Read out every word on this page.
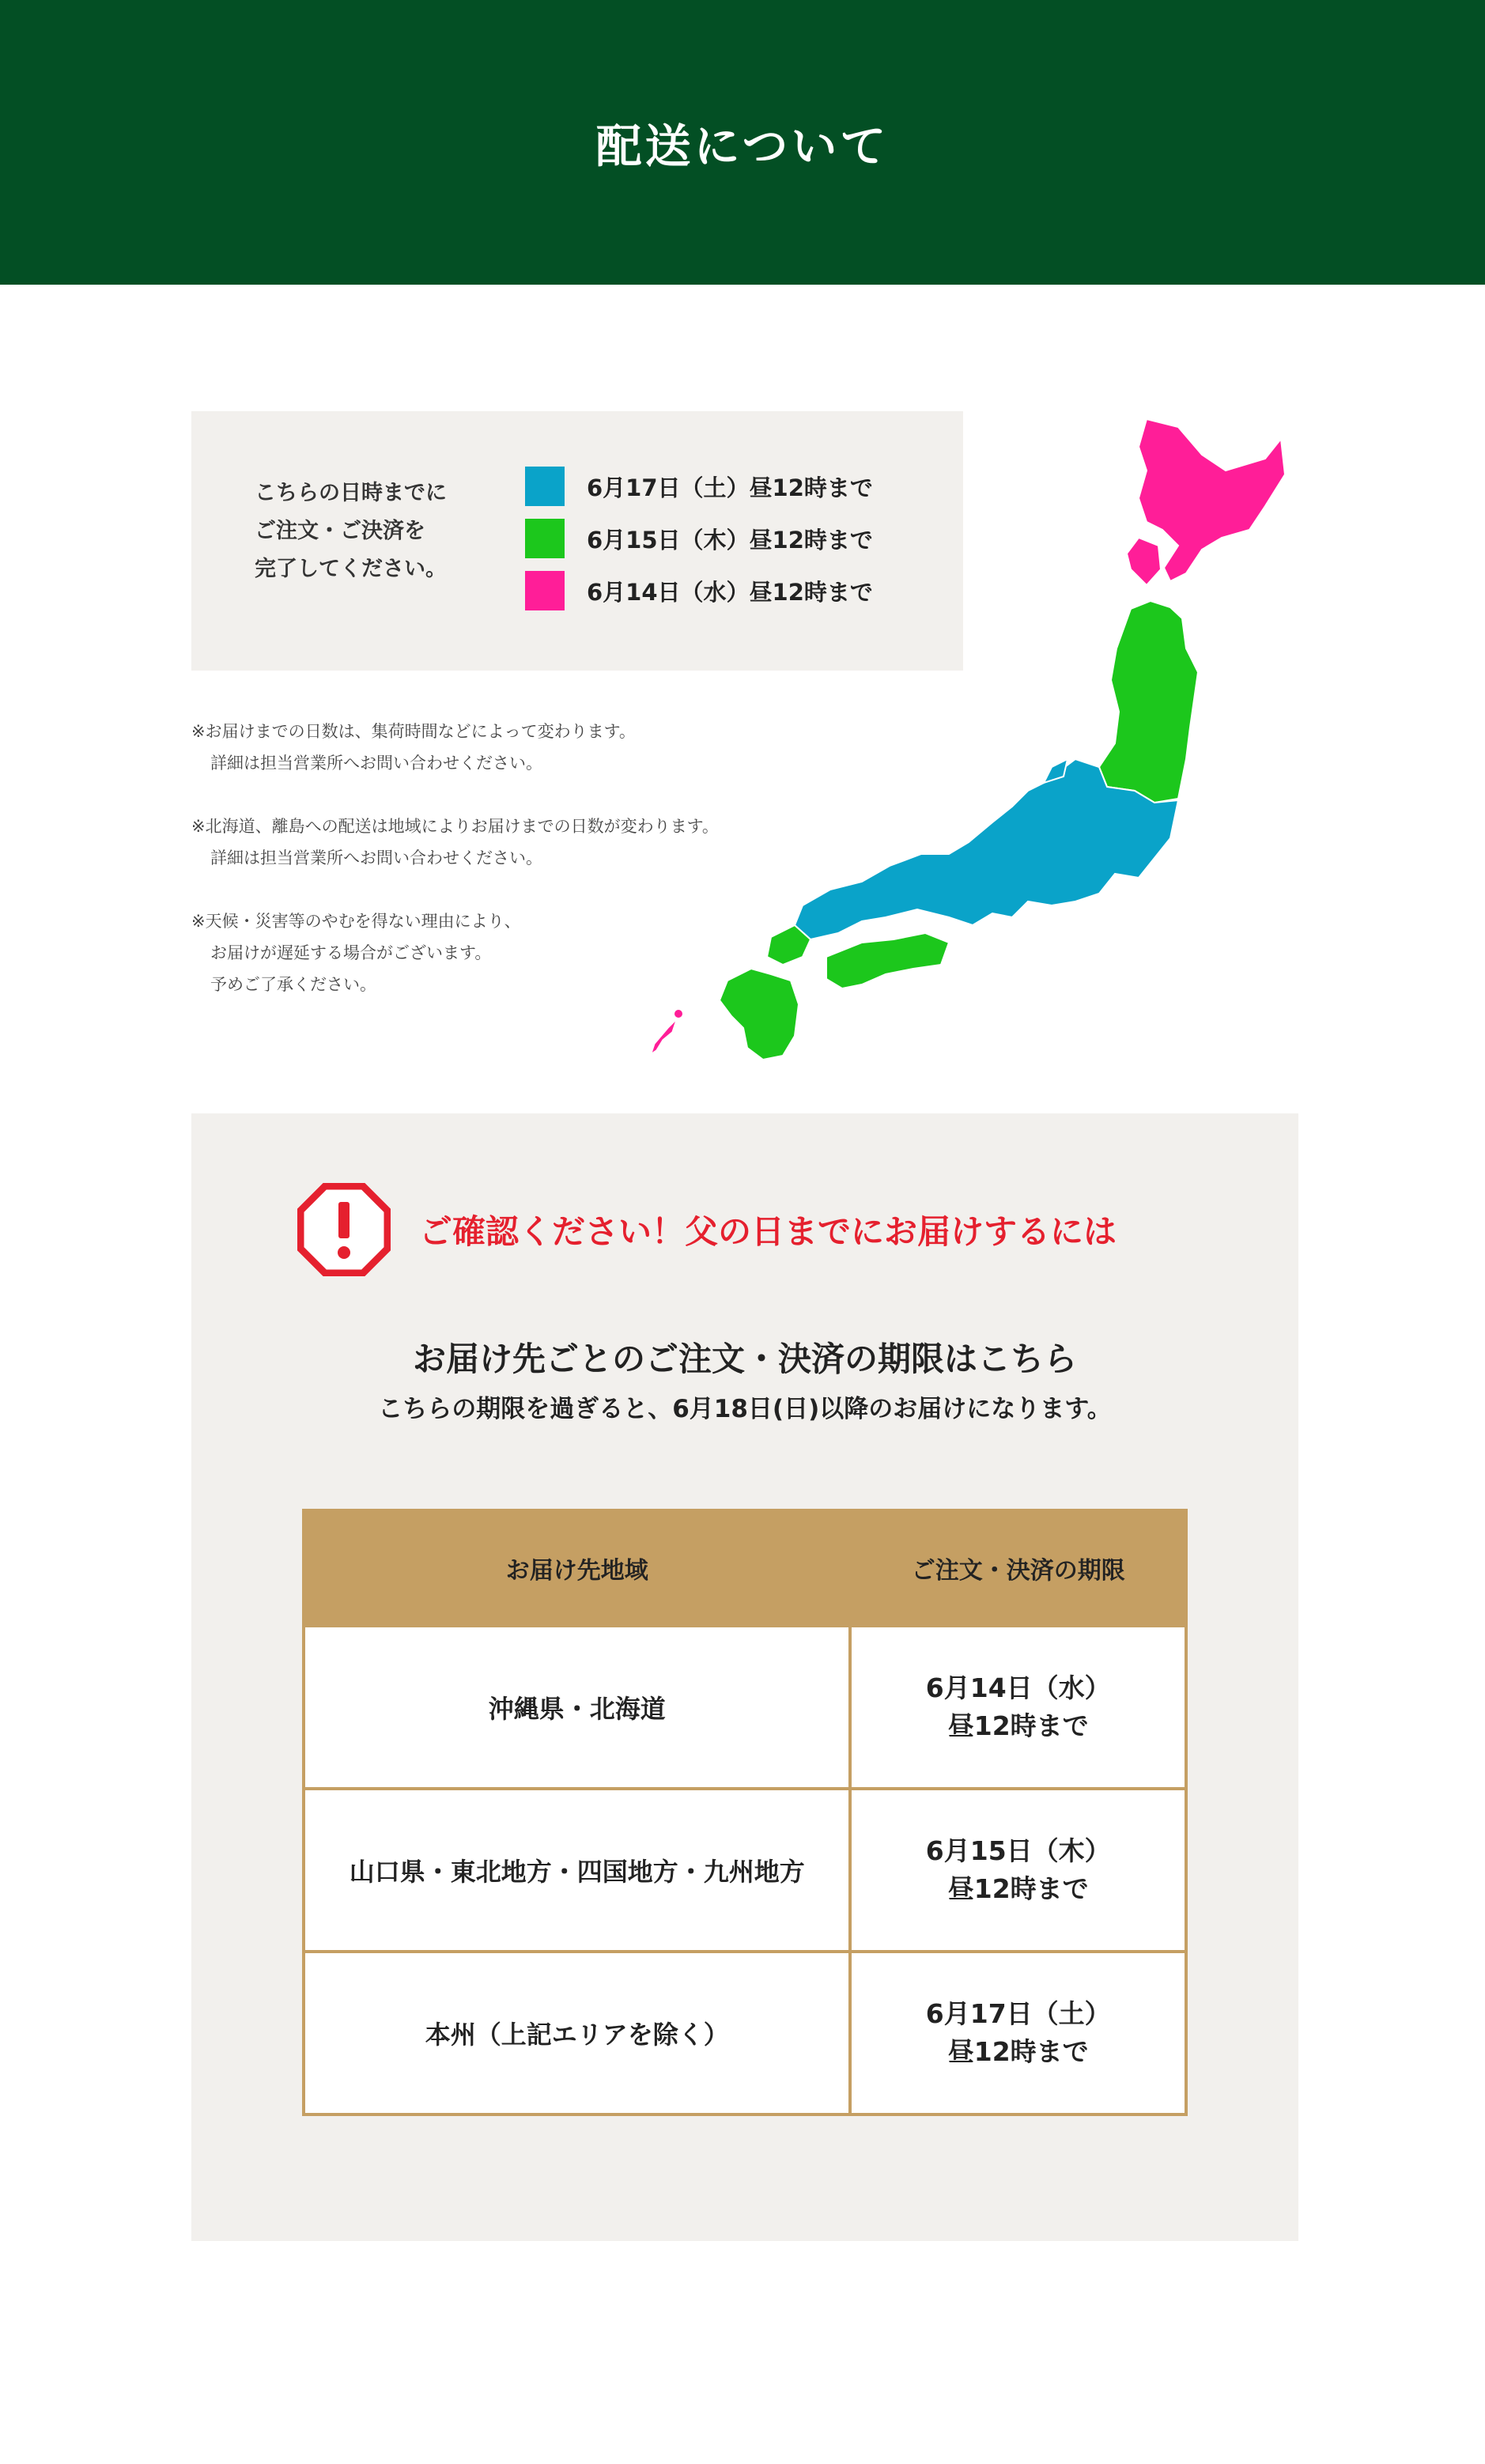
配送について
こちらの日時までに
ご注文・ご決済を
完了してください。
6月17日（土）昼12時まで
6月15日（木）昼12時まで
6月14日（水）昼12時まで

※お届けまでの日数は、集荷時間などによって変わります。

詳細は担当営業所へお問い合わせください。

※北海道、離島への配送は地域によりお届けまでの日数が変わります。

詳細は担当営業所へお問い合わせください。

※天候・災害等のやむを得ない理由により、

お届けが遅延する場合がございます。

予めご了承ください。

ご確認ください！父の日までにお届けするには
お届け先ごとのご注文・決済の期限はこちら
こちらの期限を過ぎると、6月18日(日)以降のお届けになります。
お届け先地域	ご注文・決済の期限
沖縄県・北海道	6月14日（水）
昼12時まで

山口県・東北地方・四国地方・九州地方	6月15日（木）
昼12時まで

本州（上記エリアを除く）	6月17日（土）
昼12時まで
